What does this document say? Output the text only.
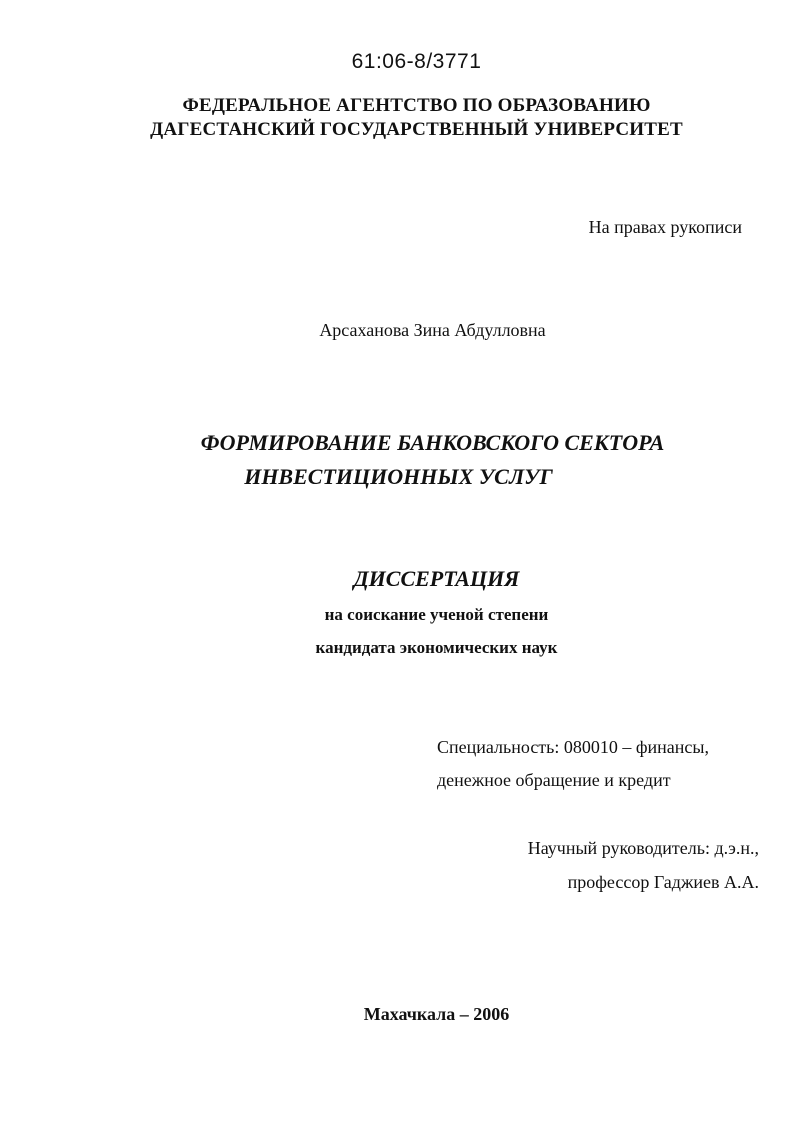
61:06-8/3771
ФЕДЕРАЛЬНОЕ АГЕНТСТВО ПО ОБРАЗОВАНИЮ
ДАГЕСТАНСКИЙ ГОСУДАРСТВЕННЫЙ УНИВЕРСИТЕТ
На правах рукописи
Арсаханова Зина Абдулловна
ФОРМИРОВАНИЕ БАНКОВСКОГО СЕКТОРА
ИНВЕСТИЦИОННЫХ УСЛУГ
ДИССЕРТАЦИЯ
на соискание ученой степени
кандидата экономических наук
Специальность: 080010 – финансы,
денежное обращение и кредит
Научный руководитель: д.э.н.,
профессор Гаджиев А.А.
Махачкала – 2006
